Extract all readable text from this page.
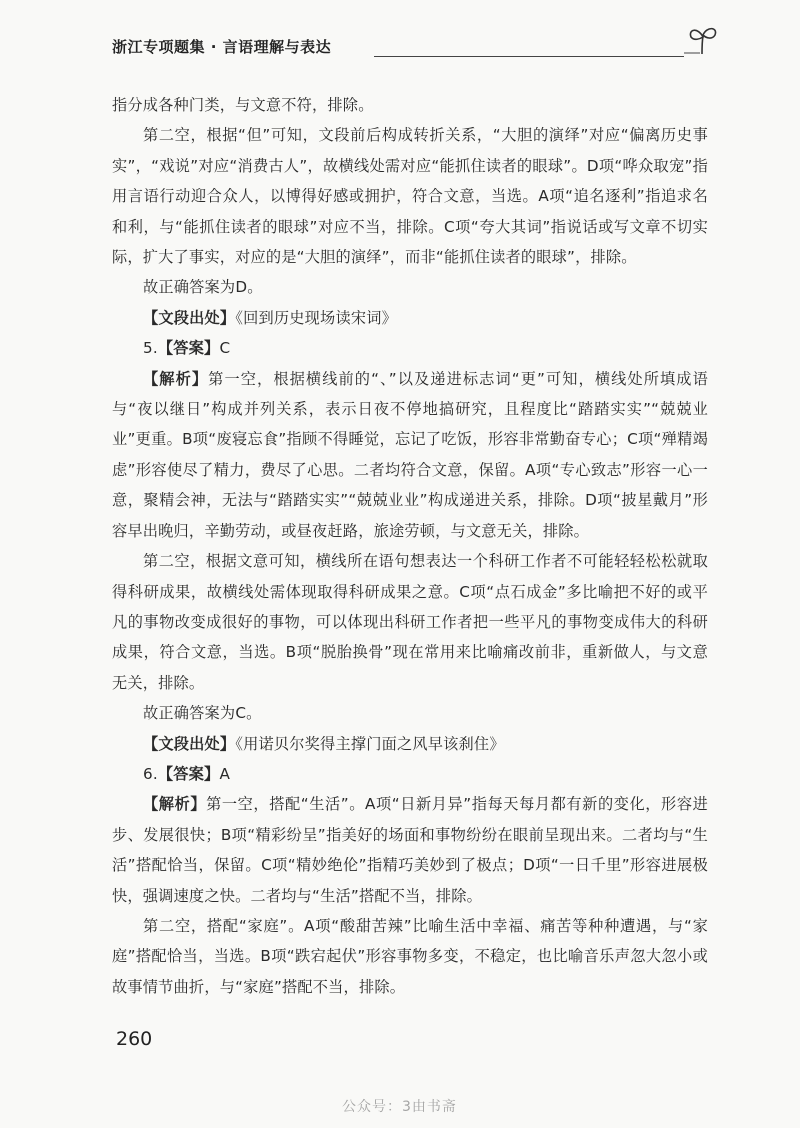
浙江专项题集 · 言语理解与表达

指分成各种门类，与文意不符，排除。

第二空，根据“但”可知，文段前后构成转折关系，“大胆的演绎”对应“偏离历史事实”，“戏说”对应“消费古人”，故横线处需对应“能抓住读者的眼球”。D项“哗众取宠”指用言语行动迎合众人，以博得好感或拥护，符合文意，当选。A项“追名逐利”指追求名和利，与“能抓住读者的眼球”对应不当，排除。C项“夸大其词”指说话或写文章不切实际，扩大了事实，对应的是“大胆的演绎”，而非“能抓住读者的眼球”，排除。

故正确答案为D。

【文段出处】《回到历史现场读宋词》

5.【答案】C

【解析】第一空，根据横线前的“、”以及递进标志词“更”可知，横线处所填成语与“夜以继日”构成并列关系，表示日夜不停地搞研究，且程度比“踏踏实实”“兢兢业业”更重。B项“废寝忘食”指顾不得睡觉，忘记了吃饭，形容非常勤奋专心；C项“殚精竭虑”形容使尽了精力，费尽了心思。二者均符合文意，保留。A项“专心致志”形容一心一意，聚精会神，无法与“踏踏实实”“兢兢业业”构成递进关系，排除。D项“披星戴月”形容早出晚归，辛勤劳动，或昼夜赶路，旅途劳顿，与文意无关，排除。

第二空，根据文意可知，横线所在语句想表达一个科研工作者不可能轻轻松松就取得科研成果，故横线处需体现取得科研成果之意。C项“点石成金”多比喻把不好的或平凡的事物改变成很好的事物，可以体现出科研工作者把一些平凡的事物变成伟大的科研成果，符合文意，当选。B项“脱胎换骨”现在常用来比喻痛改前非，重新做人，与文意无关，排除。

故正确答案为C。

【文段出处】《用诺贝尔奖得主撑门面之风早该刹住》

6.【答案】A

【解析】第一空，搭配“生活”。A项“日新月异”指每天每月都有新的变化，形容进步、发展很快；B项“精彩纷呈”指美好的场面和事物纷纷在眼前呈现出来。二者均与“生活”搭配恰当，保留。C项“精妙绝伦”指精巧美妙到了极点；D项“一日千里”形容进展极快，强调速度之快。二者均与“生活”搭配不当，排除。

第二空，搭配“家庭”。A项“酸甜苦辣”比喻生活中幸福、痛苦等种种遭遇，与“家庭”搭配恰当，当选。B项“跌宕起伏”形容事物多变，不稳定，也比喻音乐声忽大忽小或故事情节曲折，与“家庭”搭配不当，排除。

260
公众号：3由书斋
